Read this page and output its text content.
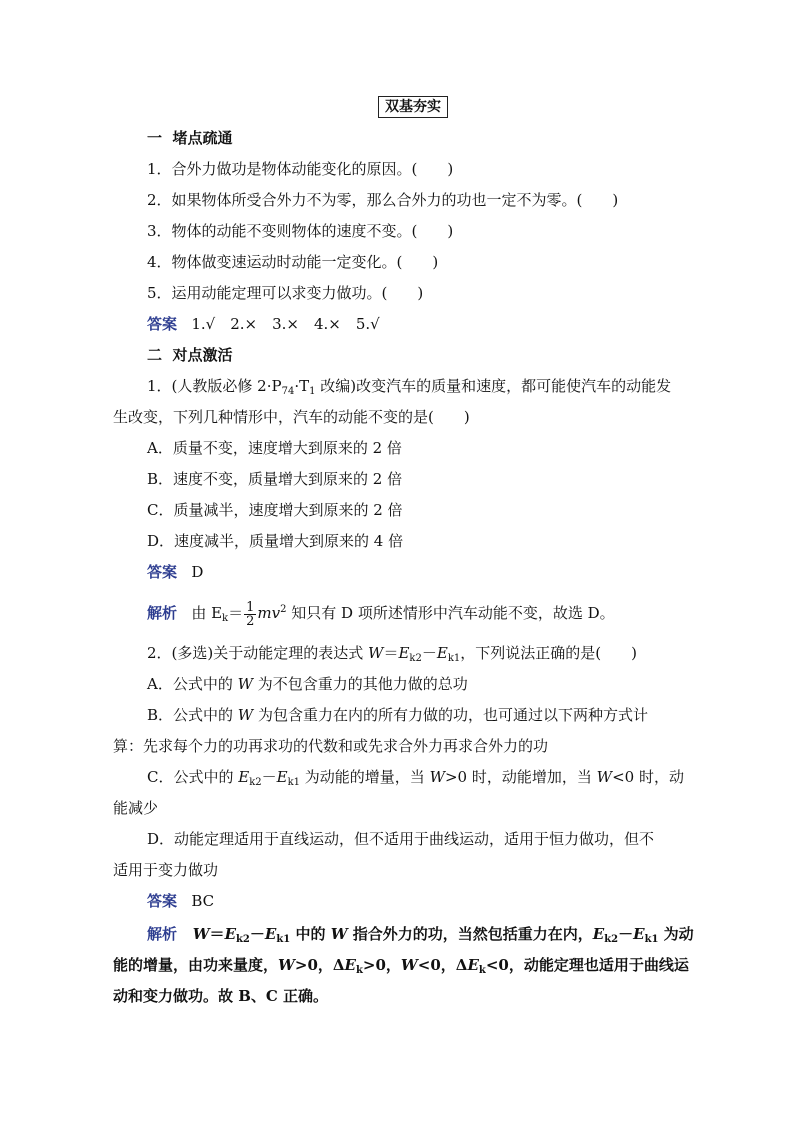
双基夯实
一 堵点疏通
1．合外力做功是物体动能变化的原因。(　　)
2．如果物体所受合外力不为零，那么合外力的功也一定不为零。(　　)
3．物体的动能不变则物体的速度不变。(　　)
4．物体做变速运动时动能一定变化。(　　)
5．运用动能定理可以求变力做功。(　　)
答案 1.√　2.×　3.×　4.×　5.√
二 对点激活
1．(人教版必修 $2\cdot P_{74}\cdot T_1$ 改编)改变汽车的质量和速度，都可能使汽车的动能发
生改变，下列几种情形中，汽车的动能不变的是(　　)
A．质量不变，速度增大到原来的 2 倍
B．速度不变，质量增大到原来的 2 倍
C．质量减半，速度增大到原来的 2 倍
D．速度减半，质量增大到原来的 4 倍
答案 D
解析 由 $E_k= \frac{1}{2} mv^2$ 知只有 D 项所述情形中汽车动能不变，故选 D。
2．(多选)关于动能定理的表达式 $W=E_{k2}-E_{k1}$，下列说法正确的是(　　)
A．公式中的 W 为不包含重力的其他力做的总功
B．公式中的 W 为包含重力在内的所有力做的功，也可通过以下两种方式计
算：先求每个力的功再求功的代数和或先求合外力再求合外力的功
C．公式中的 $E_{k2}-E_{k1}$ 为动能的增量，当 W>0 时，动能增加，当 W<0 时，动
能减少
D．动能定理适用于直线运动，但不适用于曲线运动，适用于恒力做功，但不
适用于变力做功
答案 BC
解析 $W=E_{k2}-E_{k1}$ 中的 W 指合外力的功，当然包括重力在内，$E_{k2}-E_{k1}$ 为动
能的增量，由功来量度，W>0，$\Delta E_k>0$，W<0，$\Delta E_k<0$，动能定理也适用于曲线运
动和变力做功。故 B、C 正确。
